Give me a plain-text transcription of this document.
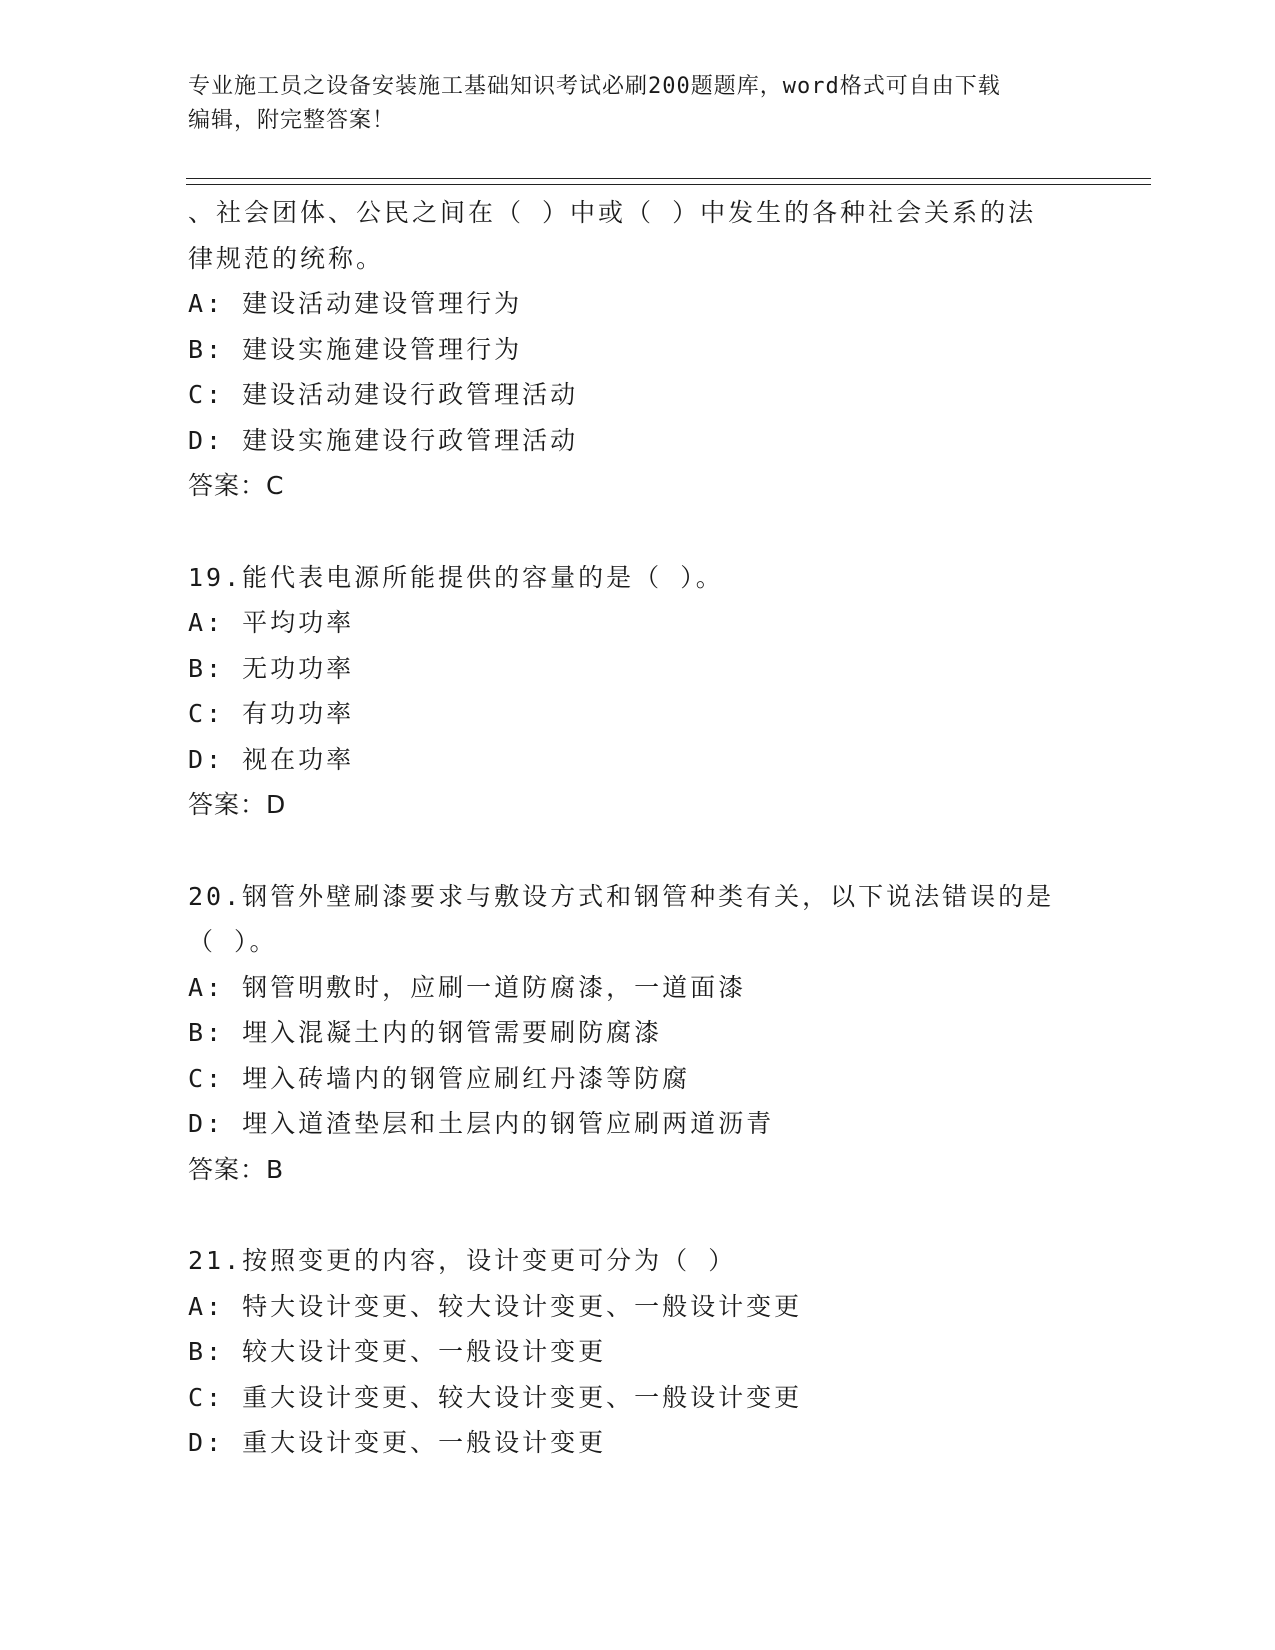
专业施工员之设备安装施工基础知识考试必刷200题题库，word格式可自由下载
编辑，附完整答案！
、社会团体、公民之间在（ ）中或（ ）中发生的各种社会关系的法
律规范的统称。
A: 建设活动建设管理行为
B: 建设实施建设管理行为
C: 建设活动建设行政管理活动
D: 建设实施建设行政管理活动
答案：C
19.能代表电源所能提供的容量的是（ ）。
A: 平均功率
B: 无功功率
C: 有功功率
D: 视在功率
答案：D
20.钢管外壁刷漆要求与敷设方式和钢管种类有关，以下说法错误的是
（ ）。
A: 钢管明敷时，应刷一道防腐漆，一道面漆
B: 埋入混凝土内的钢管需要刷防腐漆
C: 埋入砖墙内的钢管应刷红丹漆等防腐
D: 埋入道渣垫层和土层内的钢管应刷两道沥青
答案：B
21.按照变更的内容，设计变更可分为（ ）
A: 特大设计变更、较大设计变更、一般设计变更
B: 较大设计变更、一般设计变更
C: 重大设计变更、较大设计变更、一般设计变更
D: 重大设计变更、一般设计变更
